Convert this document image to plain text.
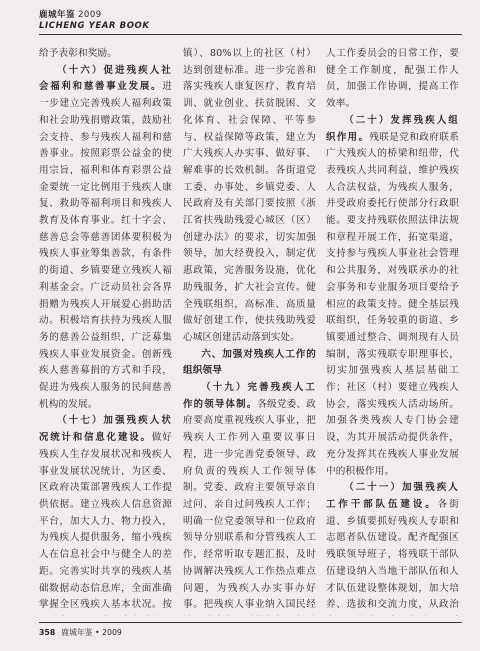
鹿城年鉴 2009
LICHENG YEAR BOOK

给予表彰和奖励。

（十六）促进残疾人社会福利和慈善事业发展。进一步建立完善残疾人福利政策和社会助残捐赠政策，鼓励社会支持、参与残疾人福利和慈善事业。按照彩票公益金的使用宗旨，福利和体育彩票公益金要统一定比例用于残疾人康复、救助等福利项目和残疾人教育及体育事业。红十字会、慈善总会等慈善团体要积极为残疾人事业筹集善款，有条件的街道、乡镇要建立残疾人福利基金会。广泛动员社会各界捐赠为残疾人开展爱心捐助活动。积极培育扶持为残疾人服务的慈善公益组织，广泛募集残疾人事业发展资金。创新残疾人慈善募捐的方式和手段，促进为残疾人服务的民间慈善机构的发展。

（十七）加强残疾人状况统计和信息化建设。做好残疾人生存发展状况和残疾人事业发展状况统计，为区委、区政府决策部署残疾人工作提供依据。建立残疾人信息资源平台，加大人力、物力投入，为残疾人提供服务，缩小残疾人在信息社会中与健全人的差距。完善实时共享的残疾人基础数据动态信息库，全面准确掌握全区残疾人基本状况。按

镇）、80%以上的社区（村）达到创建标准。进一步完善和落实残疾人康复医疗、教育培训、就业创业、扶贫脱困、文化体育、社会保障、平等参与、权益保障等政策，建立为广大残疾人办实事、做好事、解难事的长效机制。各街道党工委、办事处、乡镇党委、人民政府及有关部门要按照《浙江省扶残助残爱心城区（区）创建办法》的要求，切实加强领导，加大经费投入，制定优惠政策，完善服务设施，优化助残服务，扩大社会宣传。健全残联组织，高标准、高质量做好创建工作，使扶残助残爱心城区创建活动落到实处。

六、加强对残疾人工作的组织领导

（十九）完善残疾人工作的领导体制。各级党委、政府要高度重视残疾人事业，把残疾人工作列入重要议事日程，进一步完善党委领导、政府负责的残疾人工作领导体制。党委、政府主要领导亲自过问、亲自过问残疾人工作；明确一位党委领导和一位政府领导分别联系和分管残疾人工作，经常听取专题汇报，及时协调解决残疾人工作热点难点问题，为残疾人办实事办好事。把残疾人事业纳入国民经

人工作委员会的日常工作，要健全工作制度，配强工作人员，加强工作协调，提高工作效率。

（二十）发挥残疾人组织作用。残联是党和政府联系广大残疾人的桥梁和纽带，代表残疾人共同利益，维护残疾人合法权益，为残疾人服务，并受政府委托行使部分行政职能。要支持残联依照法律法规和章程开展工作，拓宽渠道，支持参与残疾人事业社会管理和公共服务，对残联承办的社会事务和专业服务项目要给予相应的政策支持。健全基层残联组织，任务较重的街道、乡镇要通过整合、调剂现有人员编制，落实残联专职理事长，切实加强残疾人基层基础工作；社区（村）要建立残疾人协会，落实残疾人活动场所。加强各类残疾人专门协会建设，为其开展活动提供条件，充分发挥其在残疾人事业发展中的积极作用。

（二十一）加强残疾人工作干部队伍建设。各街道、乡镇要抓好残疾人专职和志愿者队伍建设。配齐配强区残联领导班子，将残联干部队伍建设纳入当地干部队伍和人才队伍建设整体规划，加大培养、选拔和交流力度，从政治

358 鹿城年鉴 • 2009
